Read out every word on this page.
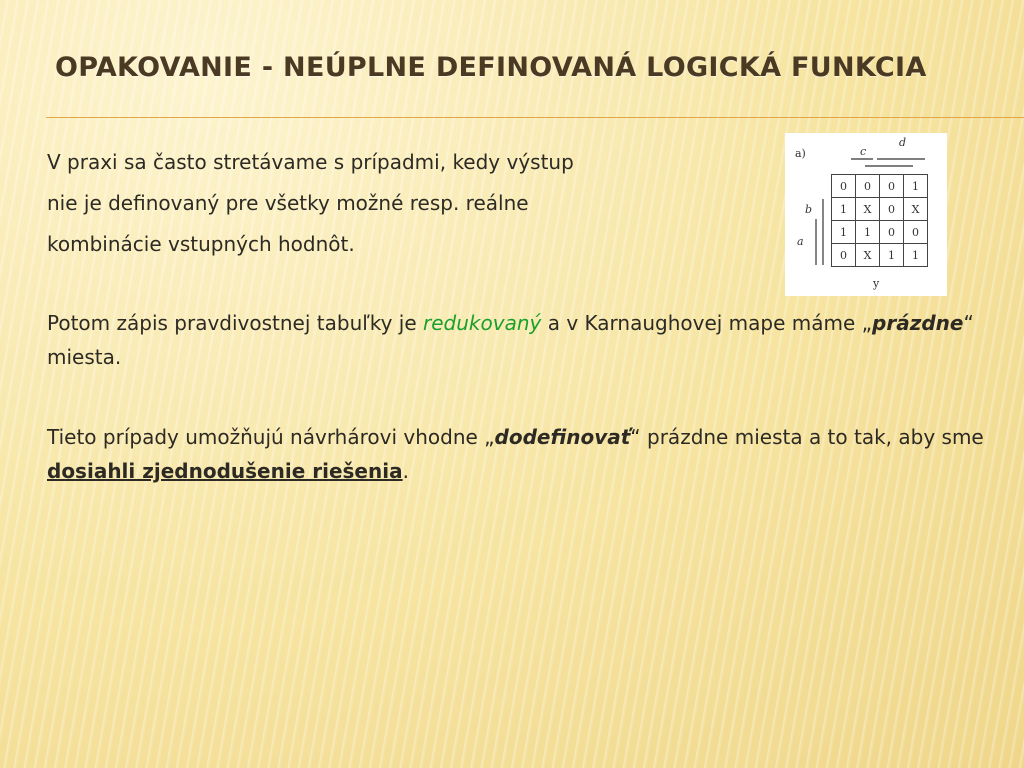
OPAKOVANIE - NEÚPLNE DEFINOVANÁ LOGICKÁ FUNKCIA
V praxi sa často stretávame s prípadmi, kedy výstup
nie je definovaný pre všetky možné resp. reálne
kombinácie vstupných hodnôt.
Potom zápis pravdivostnej tabuľky je redukovaný a v Karnaughovej mape máme „prázdne“ miesta.
Tieto prípady umožňujú návrhárovi vhodne „dodefinovať“ prázdne miesta a to tak, aby sme dosiahli zjednodušenie riešenia.
a)	c
d
b
a
0	0	0	1
1	X	0	X
1	1	0	0
0	X	1	1
y
